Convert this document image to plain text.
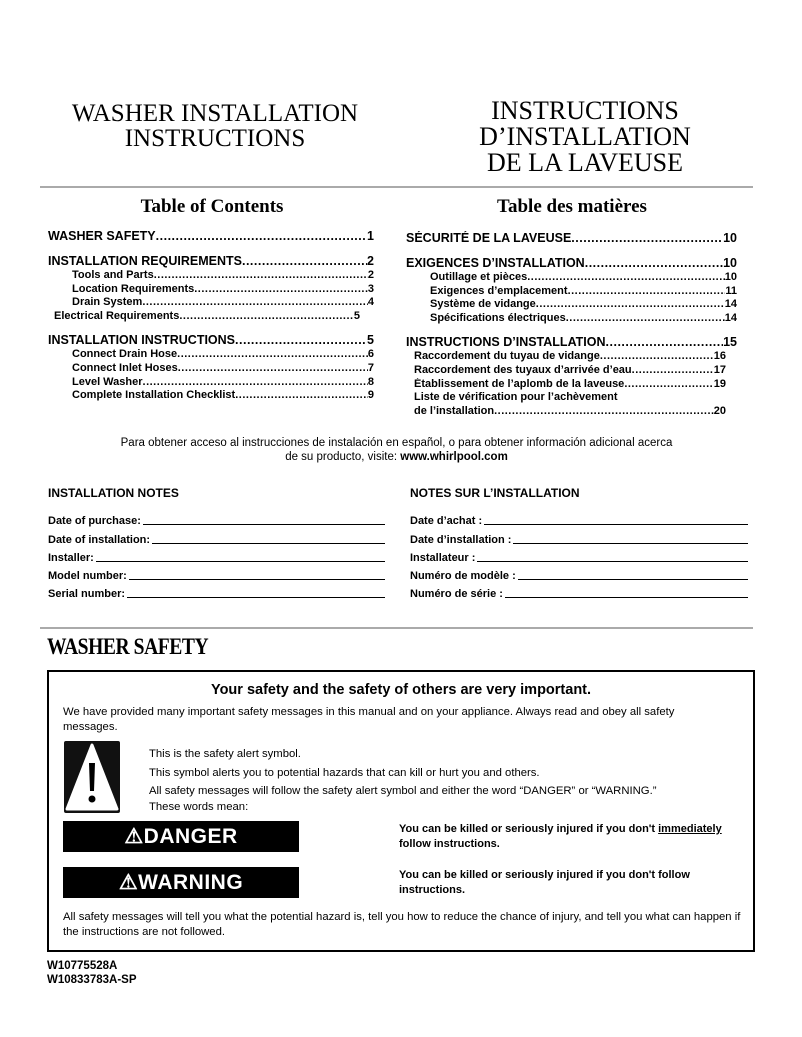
WASHER INSTALLATION
INSTRUCTIONS
INSTRUCTIONS
D’INSTALLATION
DE LA LAVEUSE
Table of Contents	Table des matières
WASHER SAFETY .....	1
INSTALLATION REQUIREMENTS .....	2
Tools and Parts .....	2
Location Requirements .....	3
Drain System .....	4
Electrical Requirements .....	5
INSTALLATION INSTRUCTIONS .....	5
Connect Drain Hose .....	6
Connect Inlet Hoses .....	7
Level Washer .....	8
Complete Installation Checklist .....	9
SÉCURITÉ DE LA LAVEUSE .....	10
EXIGENCES D’INSTALLATION .....	10
Outillage et pièces .....	10
Exigences d’emplacement .....	11
Système de vidange .....	14
Spécifications électriques .....	14
INSTRUCTIONS D’INSTALLATION .....	15
Raccordement du tuyau de vidange .....	16
Raccordement des tuyaux d’arrivée d’eau .....	17
Établissement de l’aplomb de la laveuse .....	19
Liste de vérification pour l’achèvement
de l’installation .....	20
Para obtener acceso al instrucciones de instalación en español, o para obtener información adicional acerca
de su producto, visite: www.whirlpool.com
INSTALLATION NOTES
Date of purchase:
Date of installation:
Installer:
Model number:
Serial number:
NOTES SUR L’INSTALLATION
Date d’achat :
Date d’installation :
Installateur :
Numéro de modèle :
Numéro de série :
WASHER SAFETY
Your safety and the safety of others are very important.
We have provided many important safety messages in this manual and on your appliance. Always read and obey all safety messages.
This is the safety alert symbol.
This symbol alerts you to potential hazards that can kill or hurt you and others.
All safety messages will follow the safety alert symbol and either the word “DANGER” or “WARNING.”
These words mean:
⚠ DANGER	You can be killed or seriously injured if you don't immediately
follow instructions.
⚠ WARNING	You can be killed or seriously injured if you don't follow instructions.
All safety messages will tell you what the potential hazard is, tell you how to reduce the chance of injury, and tell you what can happen if the instructions are not followed.
W10775528A
W10833783A-SP
